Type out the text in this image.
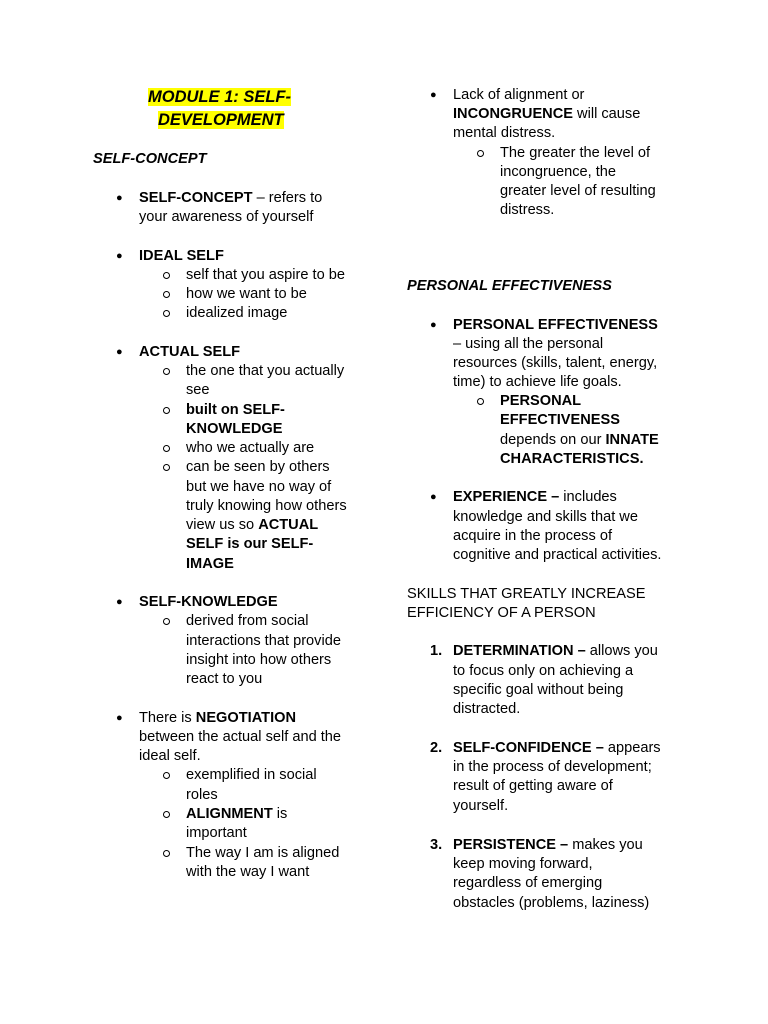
MODULE 1: SELF-
DEVELOPMENT
SELF-CONCEPT
● SELF-CONCEPT – refers to
your awareness of yourself
● IDEAL SELF
self that you aspire to be
how we want to be
idealized image
● ACTUAL SELF
the one that you actually
see
built on SELF-
KNOWLEDGE
who we actually are
can be seen by others
but we have no way of
truly knowing how others
view us so ACTUAL
SELF is our SELF-
IMAGE
● SELF-KNOWLEDGE
derived from social
interactions that provide
insight into how others
react to you
● There is NEGOTIATION
between the actual self and the
ideal self.
exemplified in social
roles
ALIGNMENT is
important
The way I am is aligned
with the way I want
● Lack of alignment or
INCONGRUENCE will cause
mental distress.
The greater the level of
incongruence, the
greater level of resulting
distress.
PERSONAL EFFECTIVENESS
● PERSONAL EFFECTIVENESS
– using all the personal
resources (skills, talent, energy,
time) to achieve life goals.
PERSONAL
EFFECTIVENESS
depends on our INNATE
CHARACTERISTICS.
● EXPERIENCE – includes
knowledge and skills that we
acquire in the process of
cognitive and practical activities.
SKILLS THAT GREATLY INCREASE
EFFICIENCY OF A PERSON
1. DETERMINATION – allows you
to focus only on achieving a
specific goal without being
distracted.
2. SELF-CONFIDENCE – appears
in the process of development;
result of getting aware of
yourself.
3. PERSISTENCE – makes you
keep moving forward,
regardless of emerging
obstacles (problems, laziness)
